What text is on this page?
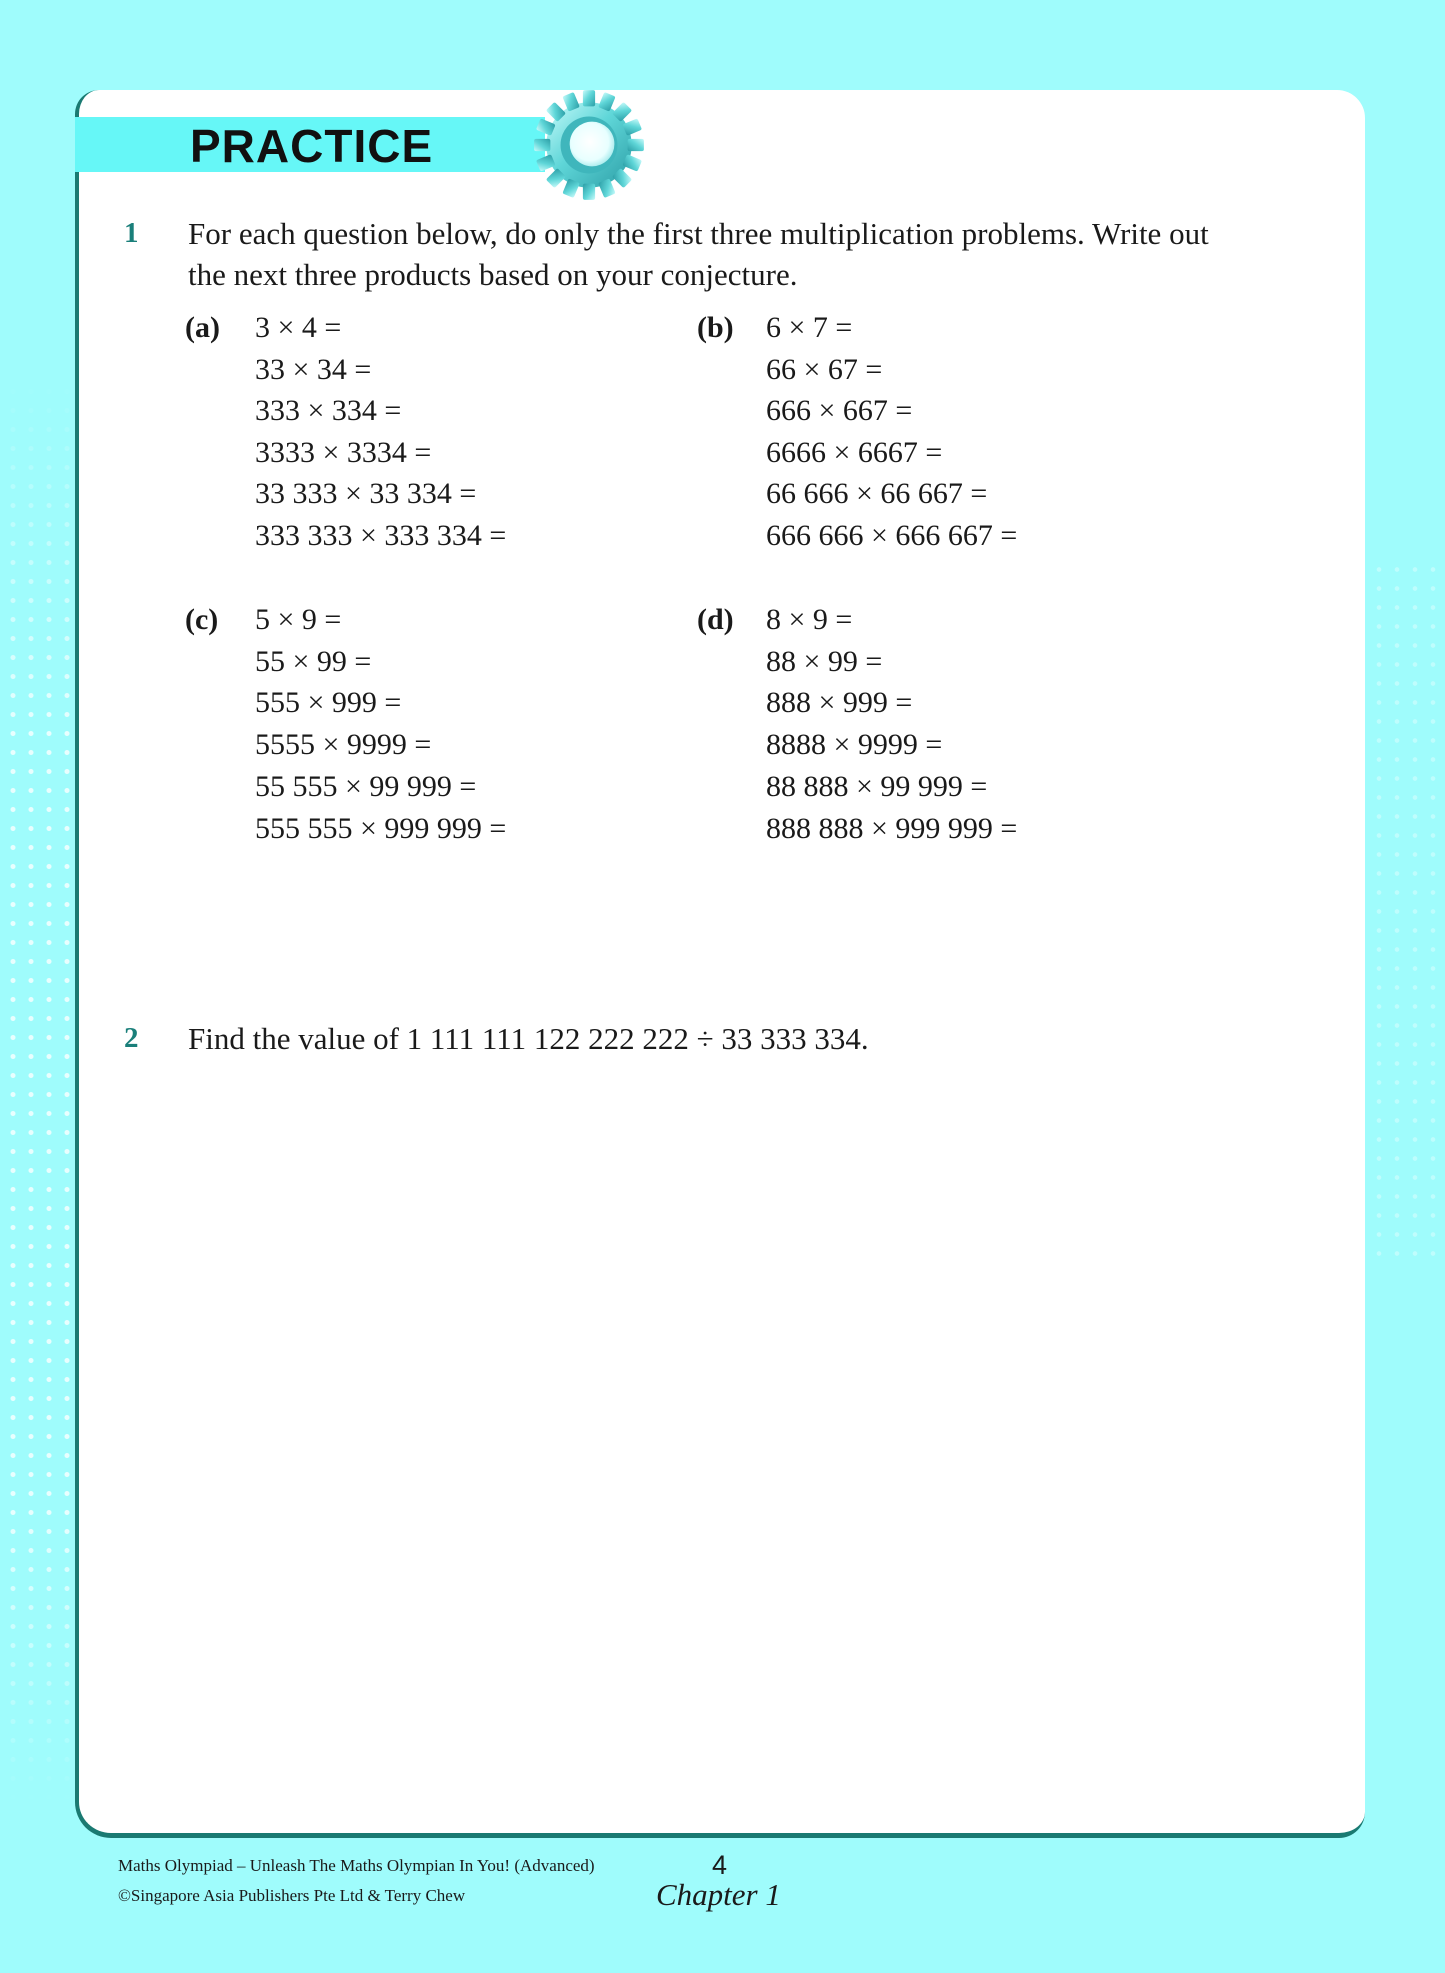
PRACTICE
1 For each question below, do only the first three multiplication problems. Write out
the next three products based on your conjecture.
(a) 3 × 4 =
33 × 34 =
333 × 334 =
3333 × 3334 =
33 333 × 33 334 =
333 333 × 333 334 =
(b) 6 × 7 =
66 × 67 =
666 × 667 =
6666 × 6667 =
66 666 × 66 667 =
666 666 × 666 667 =
(c) 5 × 9 =
55 × 99 =
555 × 999 =
5555 × 9999 =
55 555 × 99 999 =
555 555 × 999 999 =
(d) 8 × 9 =
88 × 99 =
888 × 999 =
8888 × 9999 =
88 888 × 99 999 =
888 888 × 999 999 =
2 Find the value of 1 111 111 122 222 222 ÷ 33 333 334.
Maths Olympiad – Unleash The Maths Olympian In You! (Advanced)
©Singapore Asia Publishers Pte Ltd & Terry Chew
4
Chapter 1
